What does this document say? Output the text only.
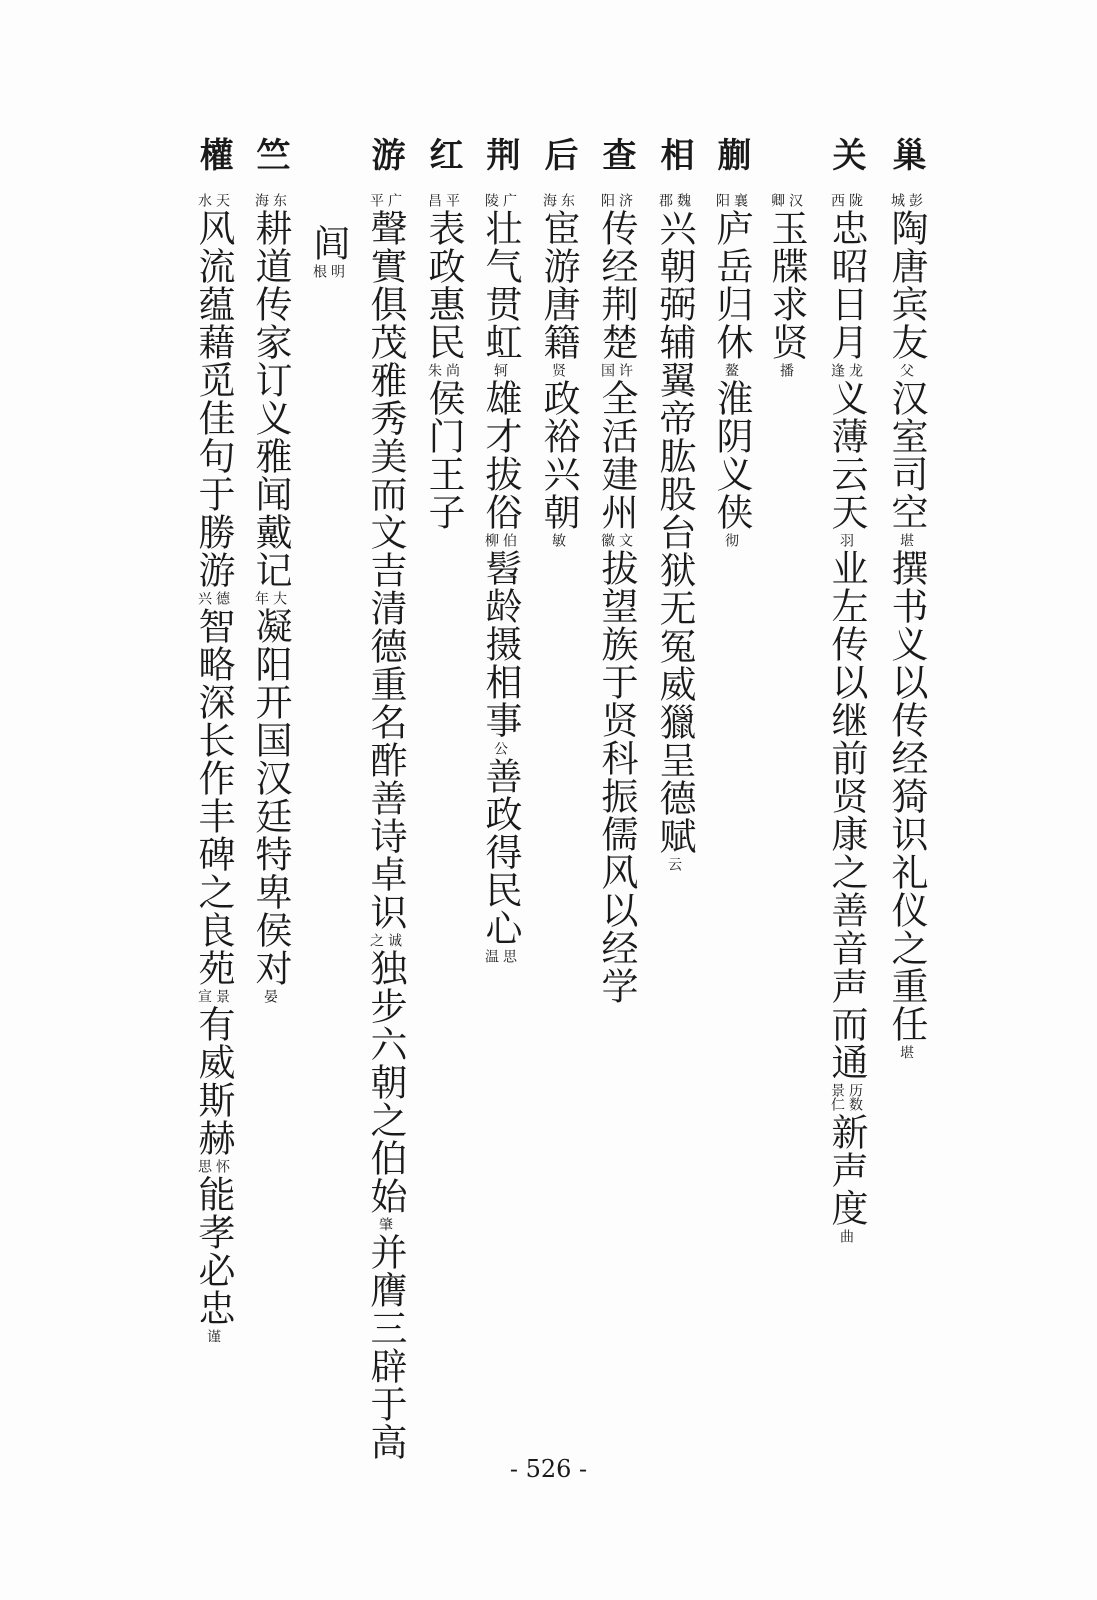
巢
彭
城
陶唐宾友
父
汉室司空
堪
撰书义以传经猗识礼仪之重任
堪
关
陇
西
忠昭日月
龙
逢
义薄云天
羽
业左传以继前贤康之善音声而通
历数
景仁
新声度
曲
汉
卿
玉牒求贤
播
蒯
襄
阳
庐岳归休
鳌
淮阴义侠
彻
相
魏
郡
兴朝弼辅翼帝肱股台狱无冤威獵呈德赋
云
查
济
阳
传经荆楚
许
国
全活建州
文
徽
拔望族于贤科振儒风以经学
后
东
海
宦游唐籍
贤
政裕兴朝
敏
荆
广
陵
壮气贯虹
轲
雄才拔俗
伯
柳
髫龄摄相事
公
善政得民心
思
温
红
平
昌
表政惠民
尚
朱
侯门王子
游
广
平
聲實俱茂雅秀美而文吉清德重名酢善诗卓识
诚
之
独步六朝之伯始
肇
并膺三辟于高
闾
明
根
竺
东
海
耕道传家订义雅闻戴记
大
年
凝阳开国汉廷特卑侯对
晏
權
天
水
风流蕴藉觅佳句于勝游
德
兴
智略深长作丰碑之良苑
景
宣
有威斯赫
怀
思
能孝必忠
谨
- 526 -
